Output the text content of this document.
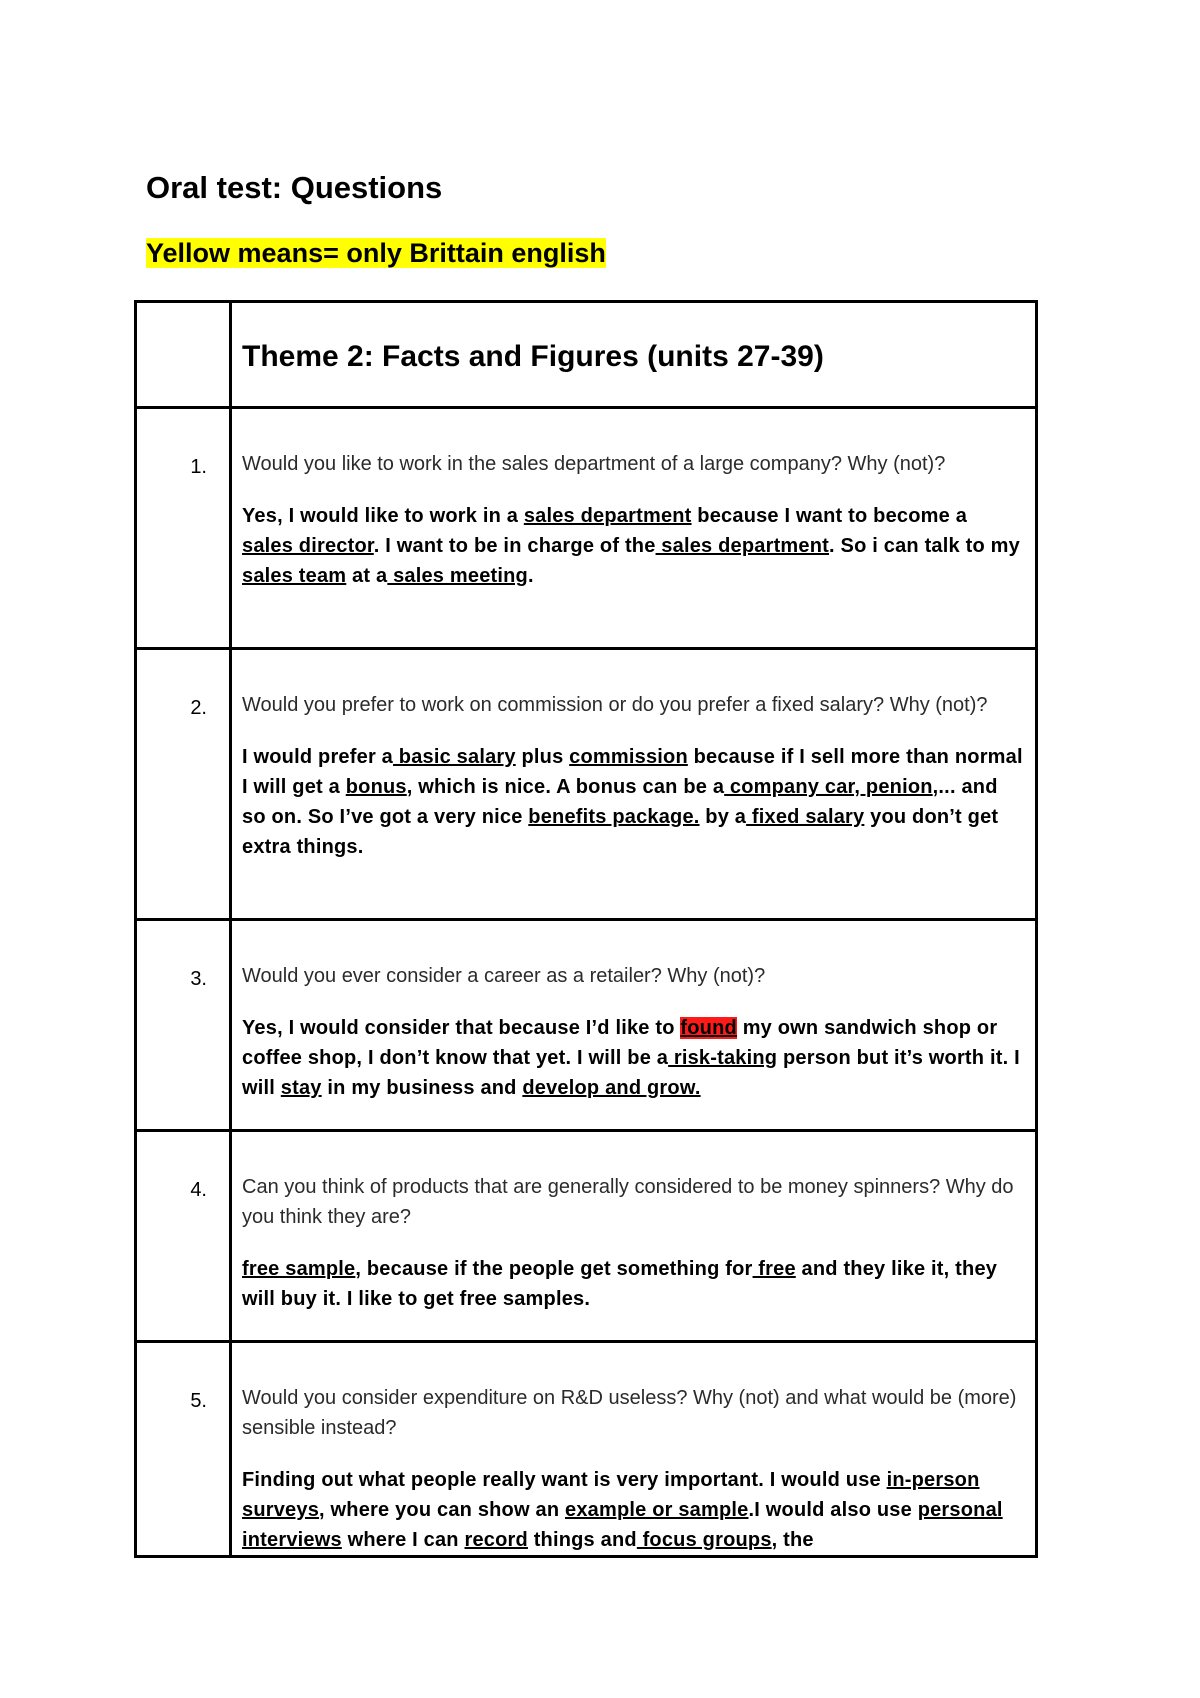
Oral test: Questions

Yellow means= only Brittain english

	Theme 2: Facts and Figures (units 27-39)

1.	Would you like to work in the sales department of a large company? Why (not)?

Yes, I would like to work in a sales department because I want to become a sales director. I want to be in charge of the sales department. So i can talk to my sales team at a sales meeting.

2.	Would you prefer to work on commission or do you prefer a fixed salary? Why (not)?

I would prefer a basic salary plus commission because if I sell more than normal I will get a bonus, which is nice. A bonus can be a company car, penion,... and so on. So I’ve got a very nice benefits package. by a fixed salary you don’t get extra things.

3.	Would you ever consider a career as a retailer? Why (not)?

Yes, I would consider that because I’d like to found my own sandwich shop or coffee shop, I don’t know that yet. I will be a risk-taking person but it’s worth it. I will stay in my business and develop and grow.

4.	Can you think of products that are generally considered to be money spinners? Why do you think they are?

free sample, because if the people get something for free and they like it, they will buy it. I like to get free samples.

5.	Would you consider expenditure on R&D useless? Why (not) and what would be (more) sensible instead?

Finding out what people really want is very important. I would use in-person surveys, where you can show an example or sample.I would also use personal interviews where I can record things and focus groups, the
